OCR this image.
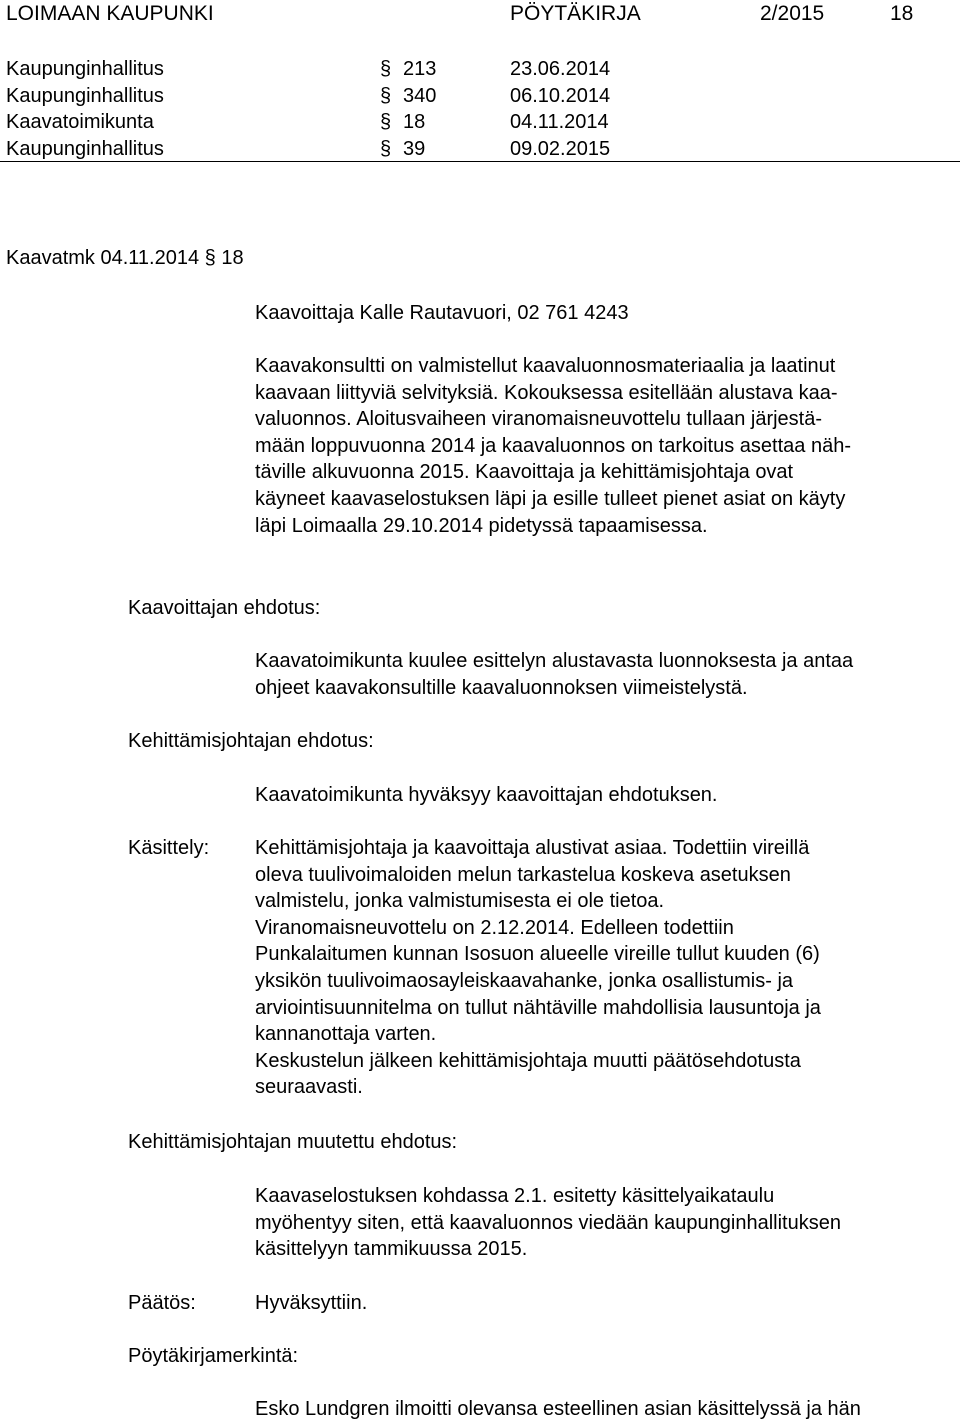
LOIMAAN KAUPUNKI	PÖYTÄKIRJA	2/2015	18
Kaupunginhallitus	§ 213	23.06.2014
Kaupunginhallitus	§ 340	06.10.2014
Kaavatoimikunta	§ 18	04.11.2014
Kaupunginhallitus	§ 39	09.02.2015
Kaavatmk 04.11.2014 § 18
Kaavoittaja Kalle Rautavuori, 02 761 4243
Kaavakonsultti on valmistellut kaavaluonnosmateriaalia ja laatinut
kaavaan liittyviä selvityksiä. Kokouksessa esitellään alustava kaa-
valuonnos. Aloitusvaiheen viranomaisneuvottelu tullaan järjestä-
mään loppuvuonna 2014 ja kaavaluonnos on tarkoitus asettaa näh-
täville alkuvuonna 2015. Kaavoittaja ja kehittämisjohtaja ovat
käyneet kaavaselostuksen läpi ja esille tulleet pienet asiat on käyty
läpi Loimaalla 29.10.2014 pidetyssä tapaamisessa.
Kaavoittajan ehdotus:
Kaavatoimikunta kuulee esittelyn alustavasta luonnoksesta ja antaa
ohjeet kaavakonsultille kaavaluonnoksen viimeistelystä.
Kehittämisjohtajan ehdotus:
Kaavatoimikunta hyväksyy kaavoittajan ehdotuksen.
Käsittely: Kehittämisjohtaja ja kaavoittaja alustivat asiaa. Todettiin vireillä
oleva tuulivoimaloiden melun tarkastelua koskeva asetuksen
valmistelu, jonka valmistumisesta ei ole tietoa.
Viranomaisneuvottelu on 2.12.2014. Edelleen todettiin
Punkalaitumen kunnan Isosuon alueelle vireille tullut kuuden (6)
yksikön tuulivoimaosayleiskaavahanke, jonka osallistumis- ja
arviointisuunnitelma on tullut nähtäville mahdollisia lausuntoja ja
kannanottaja varten.
Keskustelun jälkeen kehittämisjohtaja muutti päätösehdotusta
seuraavasti.
Kehittämisjohtajan muutettu ehdotus:
Kaavaselostuksen kohdassa 2.1. esitetty käsittelyaikataulu
myöhentyy siten, että kaavaluonnos viedään kaupunginhallituksen
käsittelyyn tammikuussa 2015.
Päätös:	Hyväksyttiin.
Pöytäkirjamerkintä:
Esko Lundgren ilmoitti olevansa esteellinen asian käsittelyssä ja hän
